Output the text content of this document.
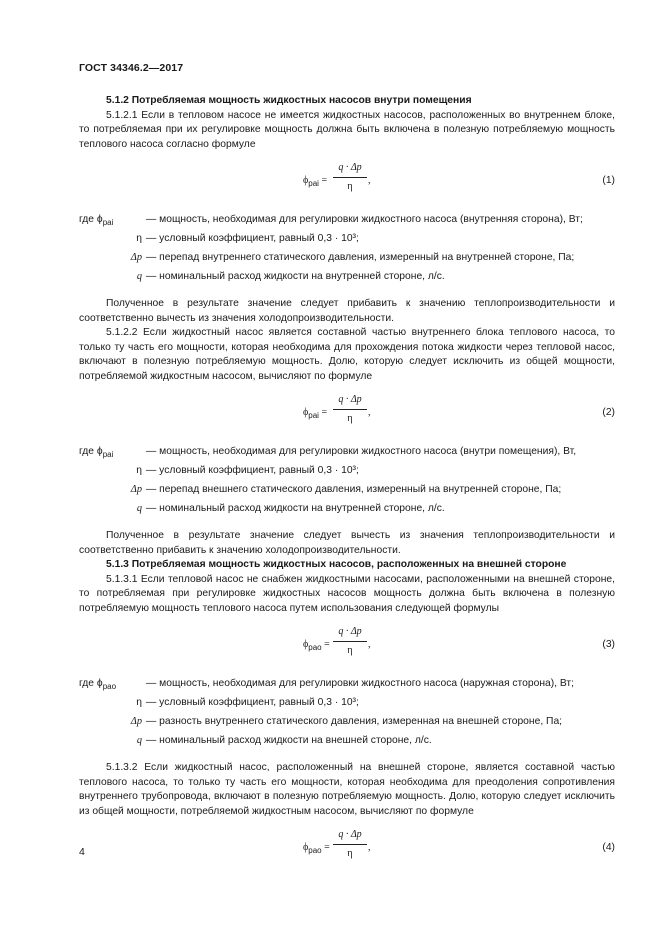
ГОСТ 34346.2—2017

5.1.2 Потребляемая мощность жидкостных насосов внутри помещения

5.1.2.1 Если в тепловом насосе не имеется жидкостных насосов, расположенных во внутреннем блоке, то потребляемая при их регулировке мощность должна быть включена в полезную потребляемую мощность теплового насоса согласно формуле

$\phi_{pai}$ =
q · Δp
η
,	(1)
где $\phi_{pai}$	— мощность, необходимая для регулировки жидкостного насоса (внутренняя сторона), Вт;
η — условный коэффициент, равный 0,3 · 10³;
Δp — перепад внутреннего статического давления, измеренный на внутренней стороне, Па;
q — номинальный расход жидкости на внутренней стороне, л/с.

Полученное в результате значение следует прибавить к значению теплопроизводительности и соответственно вычесть из значения холодопроизводительности.

5.1.2.2 Если жидкостный насос является составной частью внутреннего блока теплового насоса, то только ту часть его мощности, которая необходима для прохождения потока жидкости через тепловой насос, включают в полезную потребляемую мощность. Долю, которую следует исключить из общей мощности, потребляемой жидкостным насосом, вычисляют по формуле

$\phi_{pai}$ =
q · Δp
η
,	(2)
где $\phi_{pai}$	— мощность, необходимая для регулировки жидкостного насоса (внутри помещения), Вт,
η — условный коэффициент, равный 0,3 · 10³;
Δp — перепад внешнего статического давления, измеренный на внутренней стороне, Па;
q — номинальный расход жидкости на внутренней стороне, л/с.

Полученное в результате значение следует вычесть из значения теплопроизводительности и соответственно прибавить к значению холодопроизводительности.

5.1.3 Потребляемая мощность жидкостных насосов, расположенных на внешней стороне

5.1.3.1 Если тепловой насос не снабжен жидкостными насосами, расположенными на внешней стороне, то потребляемая при регулировке жидкостных насосов мощность должна быть включена в полезную потребляемую мощность теплового насоса путем использования следующей формулы

$\phi_{pao}$ =
q · Δp
η
,	(3)
где $\phi_{pao}$	— мощность, необходимая для регулировки жидкостного насоса (наружная сторона), Вт;
η — условный коэффициент, равный 0,3 · 10³;
Δp — разность внутреннего статического давления, измеренная на внешней стороне, Па;
q — номинальный расход жидкости на внешней стороне, л/с.

5.1.3.2 Если жидкостный насос, расположенный на внешней стороне, является составной частью теплового насоса, то только ту часть его мощности, которая необходима для преодоления сопротивления внутреннего трубопровода, включают в полезную потребляемую мощность. Долю, которую следует исключить из общей мощности, потребляемой жидкостным насосом, вычисляют по формуле

$\phi_{pao}$ =
q · Δp
η
,	(4)
4
